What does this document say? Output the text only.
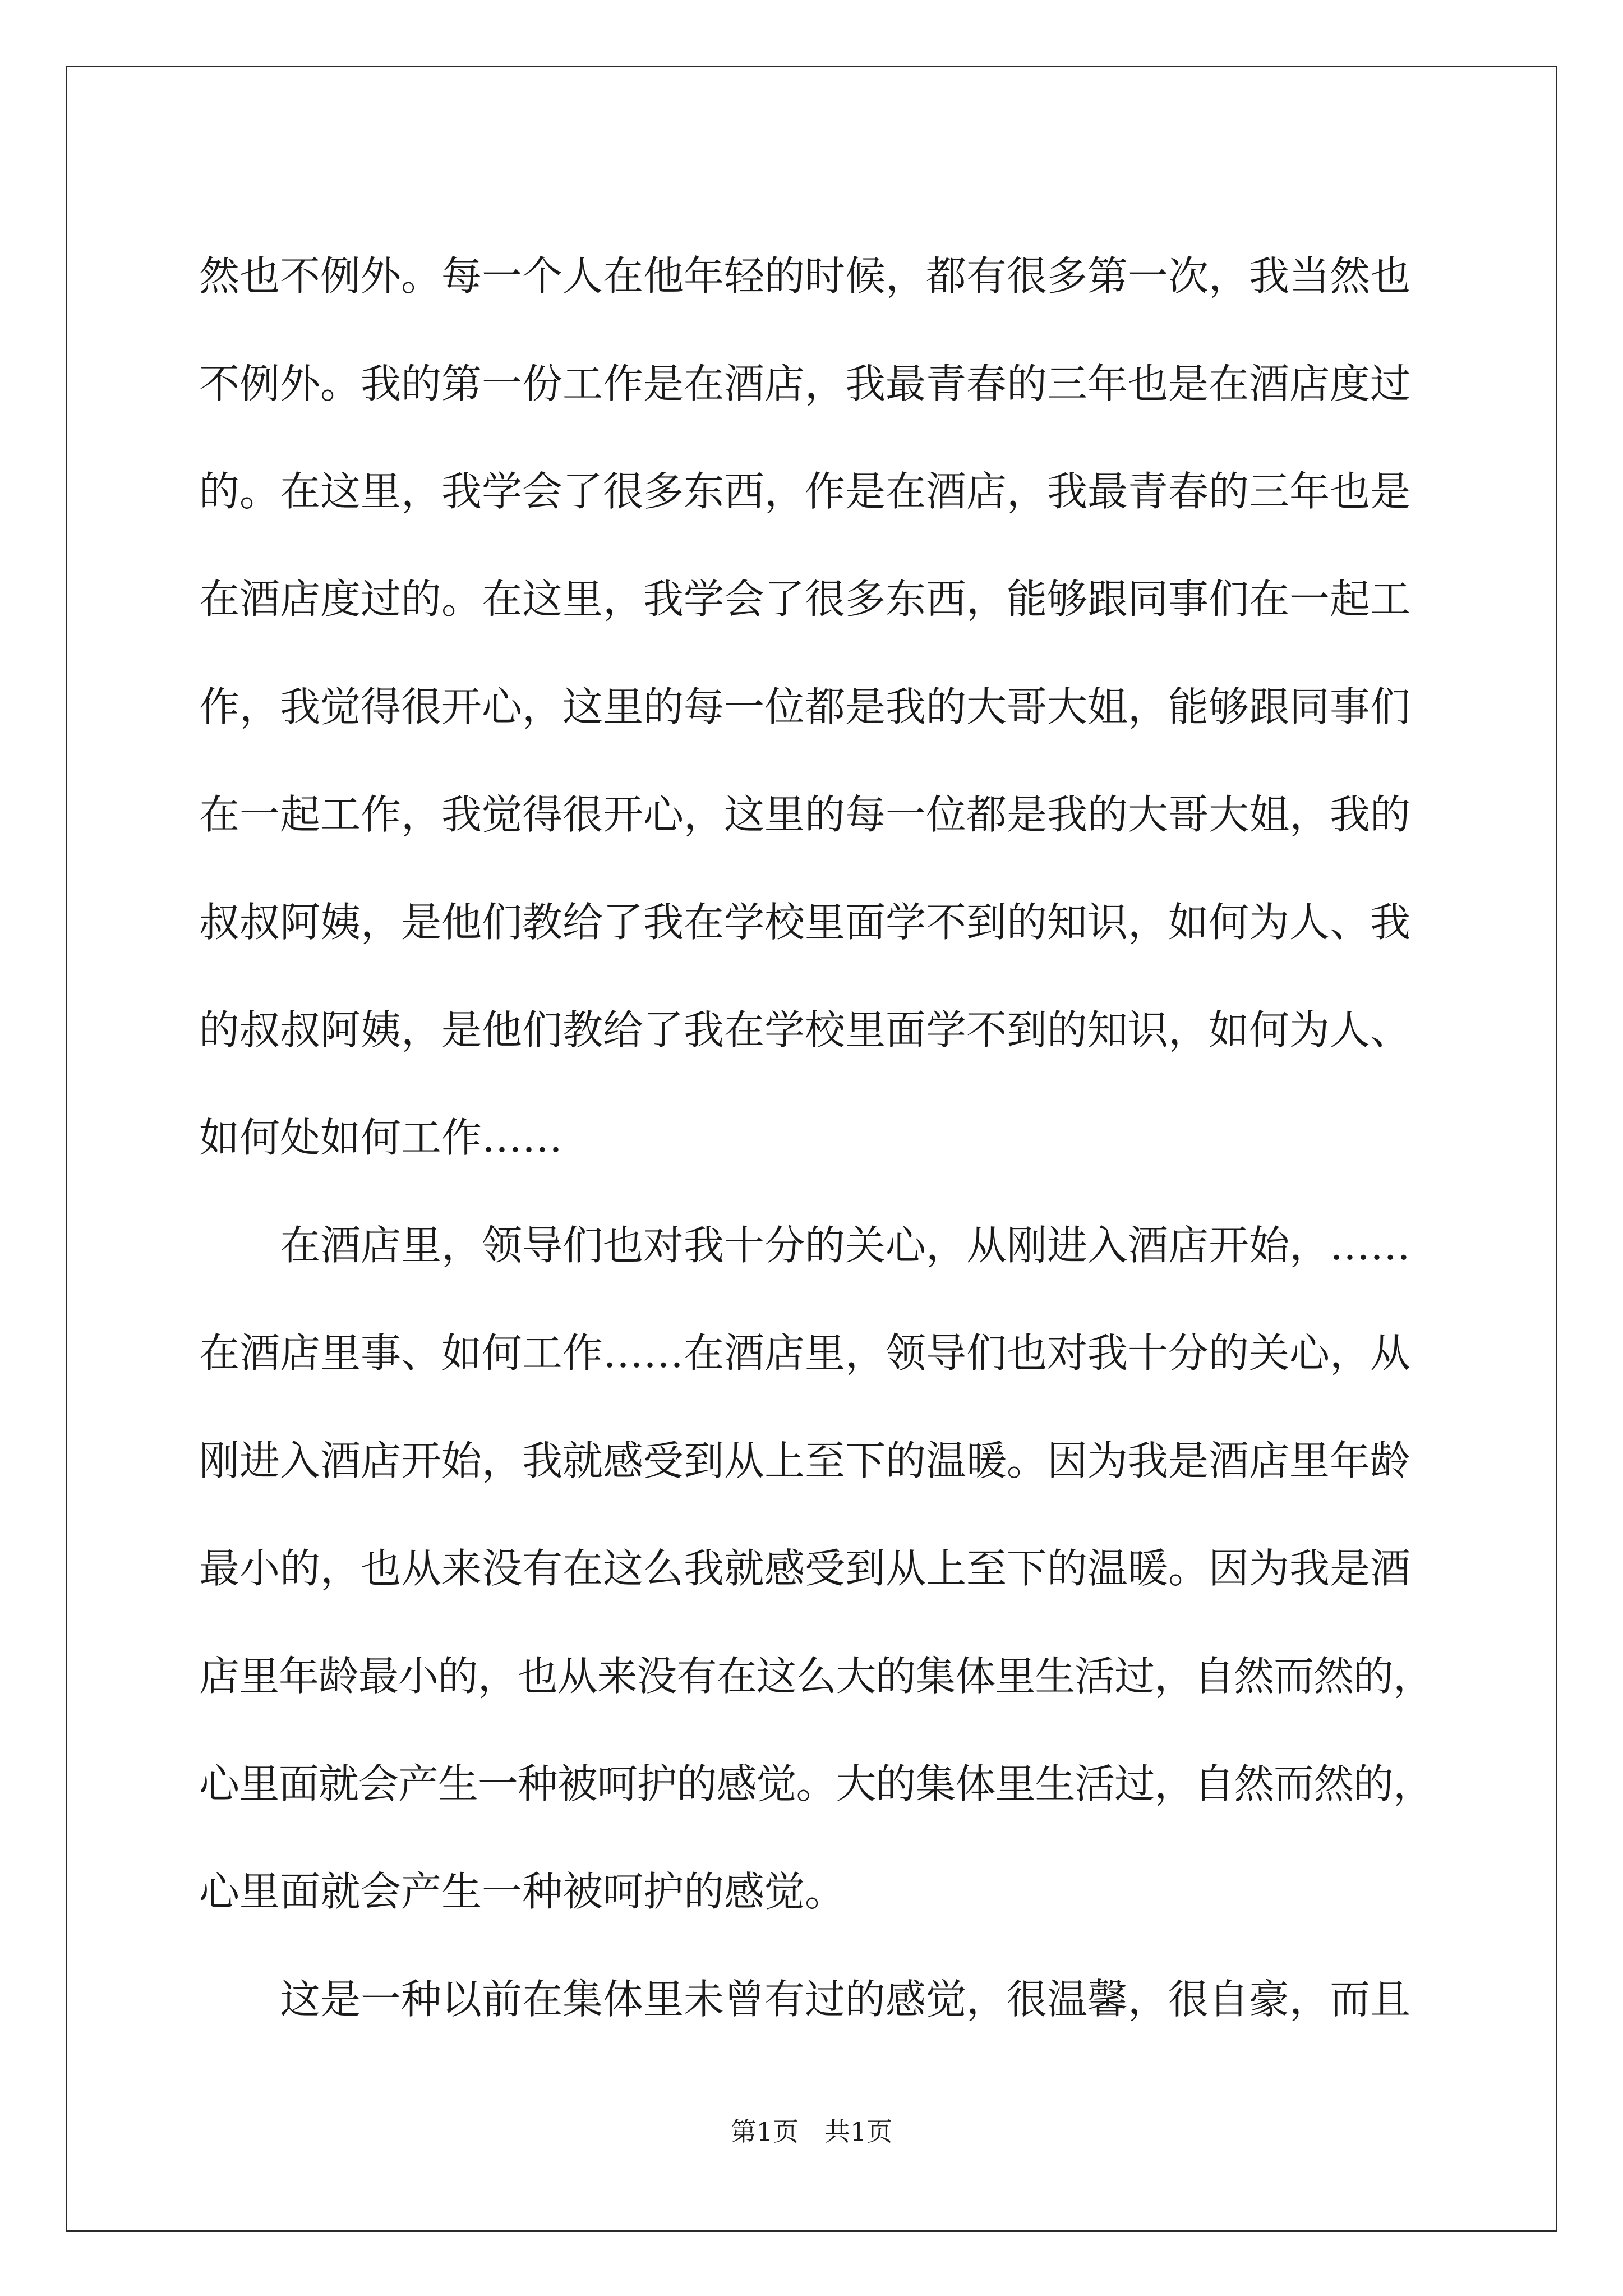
然也不例外。每一个人在他年轻的时候，都有很多第一次，我当然也
不例外。我的第一份工作是在酒店，我最青春的三年也是在酒店度过
的。在这里，我学会了很多东西，作是在酒店，我最青春的三年也是
在酒店度过的。在这里，我学会了很多东西，能够跟同事们在一起工
作，我觉得很开心，这里的每一位都是我的大哥大姐，能够跟同事们
在一起工作，我觉得很开心，这里的每一位都是我的大哥大姐，我的
叔叔阿姨，是他们教给了我在学校里面学不到的知识，如何为人、我
的叔叔阿姨，是他们教给了我在学校里面学不到的知识，如何为人、
如何处如何工作……
在酒店里，领导们也对我十分的关心，从刚进入酒店开始，……
在酒店里事、如何工作……在酒店里，领导们也对我十分的关心，从
刚进入酒店开始，我就感受到从上至下的温暖。因为我是酒店里年龄
最小的，也从来没有在这么我就感受到从上至下的温暖。因为我是酒
店里年龄最小的，也从来没有在这么大的集体里生活过，自然而然的，
心里面就会产生一种被呵护的感觉。大的集体里生活过，自然而然的，
心里面就会产生一种被呵护的感觉。
这是一种以前在集体里未曾有过的感觉，很温馨，很自豪，而且
第1页　共1页
